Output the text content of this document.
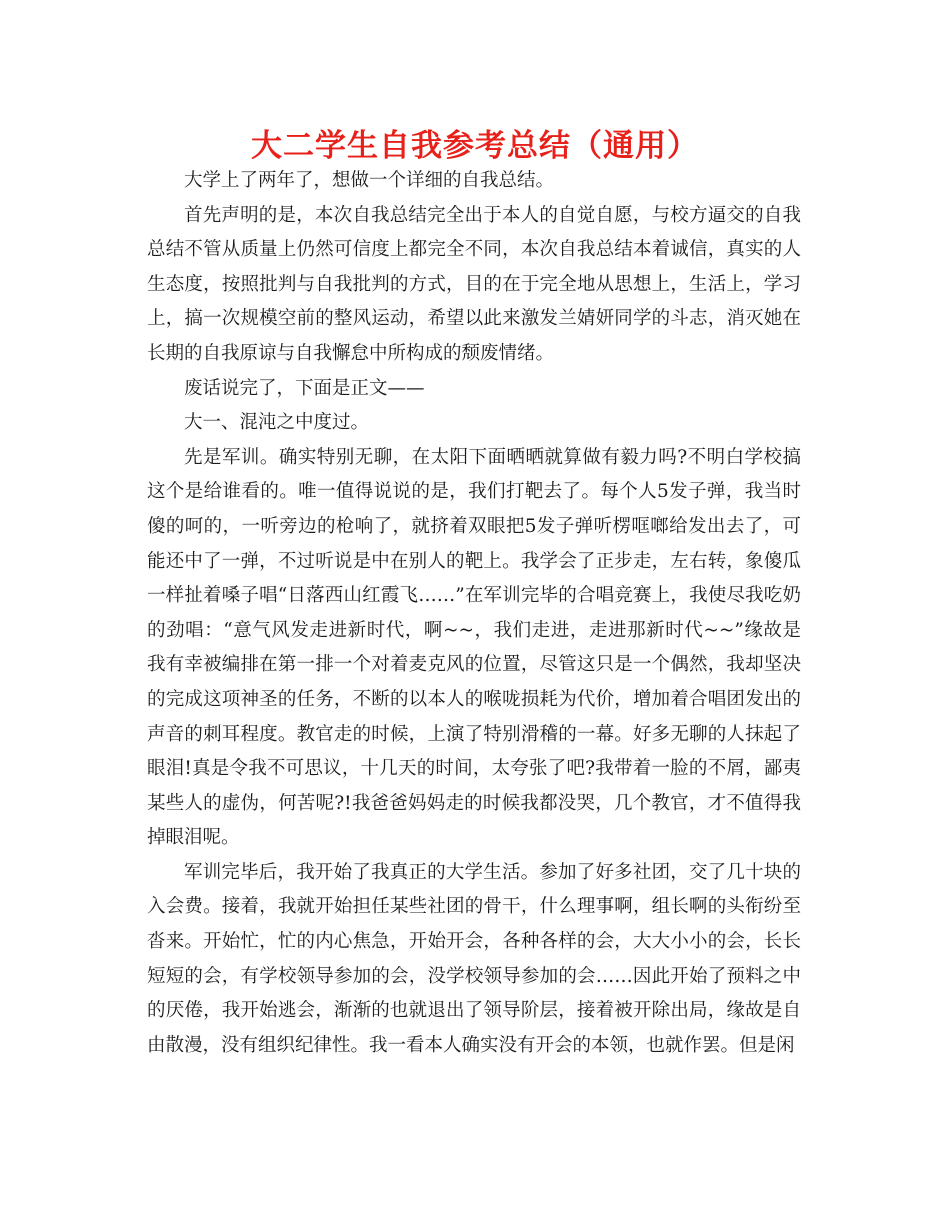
大二学生自我参考总结（通用）

大学上了两年了，想做一个详细的自我总结。

首先声明的是，本次自我总结完全出于本人的自觉自愿，与校方逼交的自我总结不管从质量上仍然可信度上都完全不同，本次自我总结本着诚信，真实的人生态度，按照批判与自我批判的方式，目的在于完全地从思想上，生活上，学习上，搞一次规模空前的整风运动，希望以此来激发兰婧妍同学的斗志，消灭她在长期的自我原谅与自我懈怠中所构成的颓废情绪。

废话说完了，下面是正文——

大一、混沌之中度过。

先是军训。确实特别无聊，在太阳下面晒晒就算做有毅力吗?不明白学校搞这个是给谁看的。唯一值得说说的是，我们打靶去了。每个人5发子弹，我当时傻的呵的，一听旁边的枪响了，就挤着双眼把5发子弹听楞哐啷给发出去了，可能还中了一弹，不过听说是中在别人的靶上。我学会了正步走，左右转，象傻瓜一样扯着嗓子唱“日落西山红霞飞……”在军训完毕的合唱竞赛上，我使尽我吃奶的劲唱：“意气风发走进新时代，啊~~，我们走进，走进那新时代~~”缘故是我有幸被编排在第一排一个对着麦克风的位置，尽管这只是一个偶然，我却坚决的完成这项神圣的任务，不断的以本人的喉咙损耗为代价，增加着合唱团发出的声音的刺耳程度。教官走的时候，上演了特别滑稽的一幕。好多无聊的人抹起了眼泪!真是令我不可思议，十几天的时间，太夸张了吧?我带着一脸的不屑，鄙夷某些人的虚伪，何苦呢?!我爸爸妈妈走的时候我都没哭，几个教官，才不值得我掉眼泪呢。

军训完毕后，我开始了我真正的大学生活。参加了好多社团，交了几十块的入会费。接着，我就开始担任某些社团的骨干，什么理事啊，组长啊的头衔纷至沓来。开始忙，忙的内心焦急，开始开会，各种各样的会，大大小小的会，长长短短的会，有学校领导参加的会，没学校领导参加的会……因此开始了预料之中的厌倦，我开始逃会，渐渐的也就退出了领导阶层，接着被开除出局，缘故是自由散漫，没有组织纪律性。我一看本人确实没有开会的本领，也就作罢。但是闲
